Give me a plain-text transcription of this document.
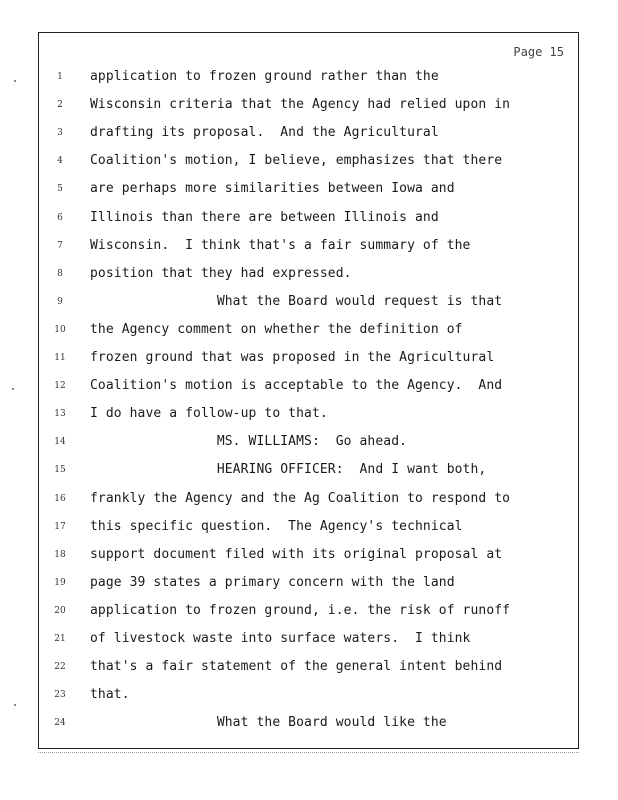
Page 15
1	application to frozen ground rather than the
2	Wisconsin criteria that the Agency had relied upon in
3	drafting its proposal.  And the Agricultural
4	Coalition's motion, I believe, emphasizes that there
5	are perhaps more similarities between Iowa and
6	Illinois than there are between Illinois and
7	Wisconsin.  I think that's a fair summary of the
8	position that they had expressed.
9	What the Board would request is that
10	the Agency comment on whether the definition of
11	frozen ground that was proposed in the Agricultural
12	Coalition's motion is acceptable to the Agency.  And
13	I do have a follow-up to that.
14	MS. WILLIAMS:  Go ahead.
15	HEARING OFFICER:  And I want both,
16	frankly the Agency and the Ag Coalition to respond to
17	this specific question.  The Agency's technical
18	support document filed with its original proposal at
19	page 39 states a primary concern with the land
20	application to frozen ground, i.e. the risk of runoff
21	of livestock waste into surface waters.  I think
22	that's a fair statement of the general intent behind
23	that.
24	What the Board would like the
